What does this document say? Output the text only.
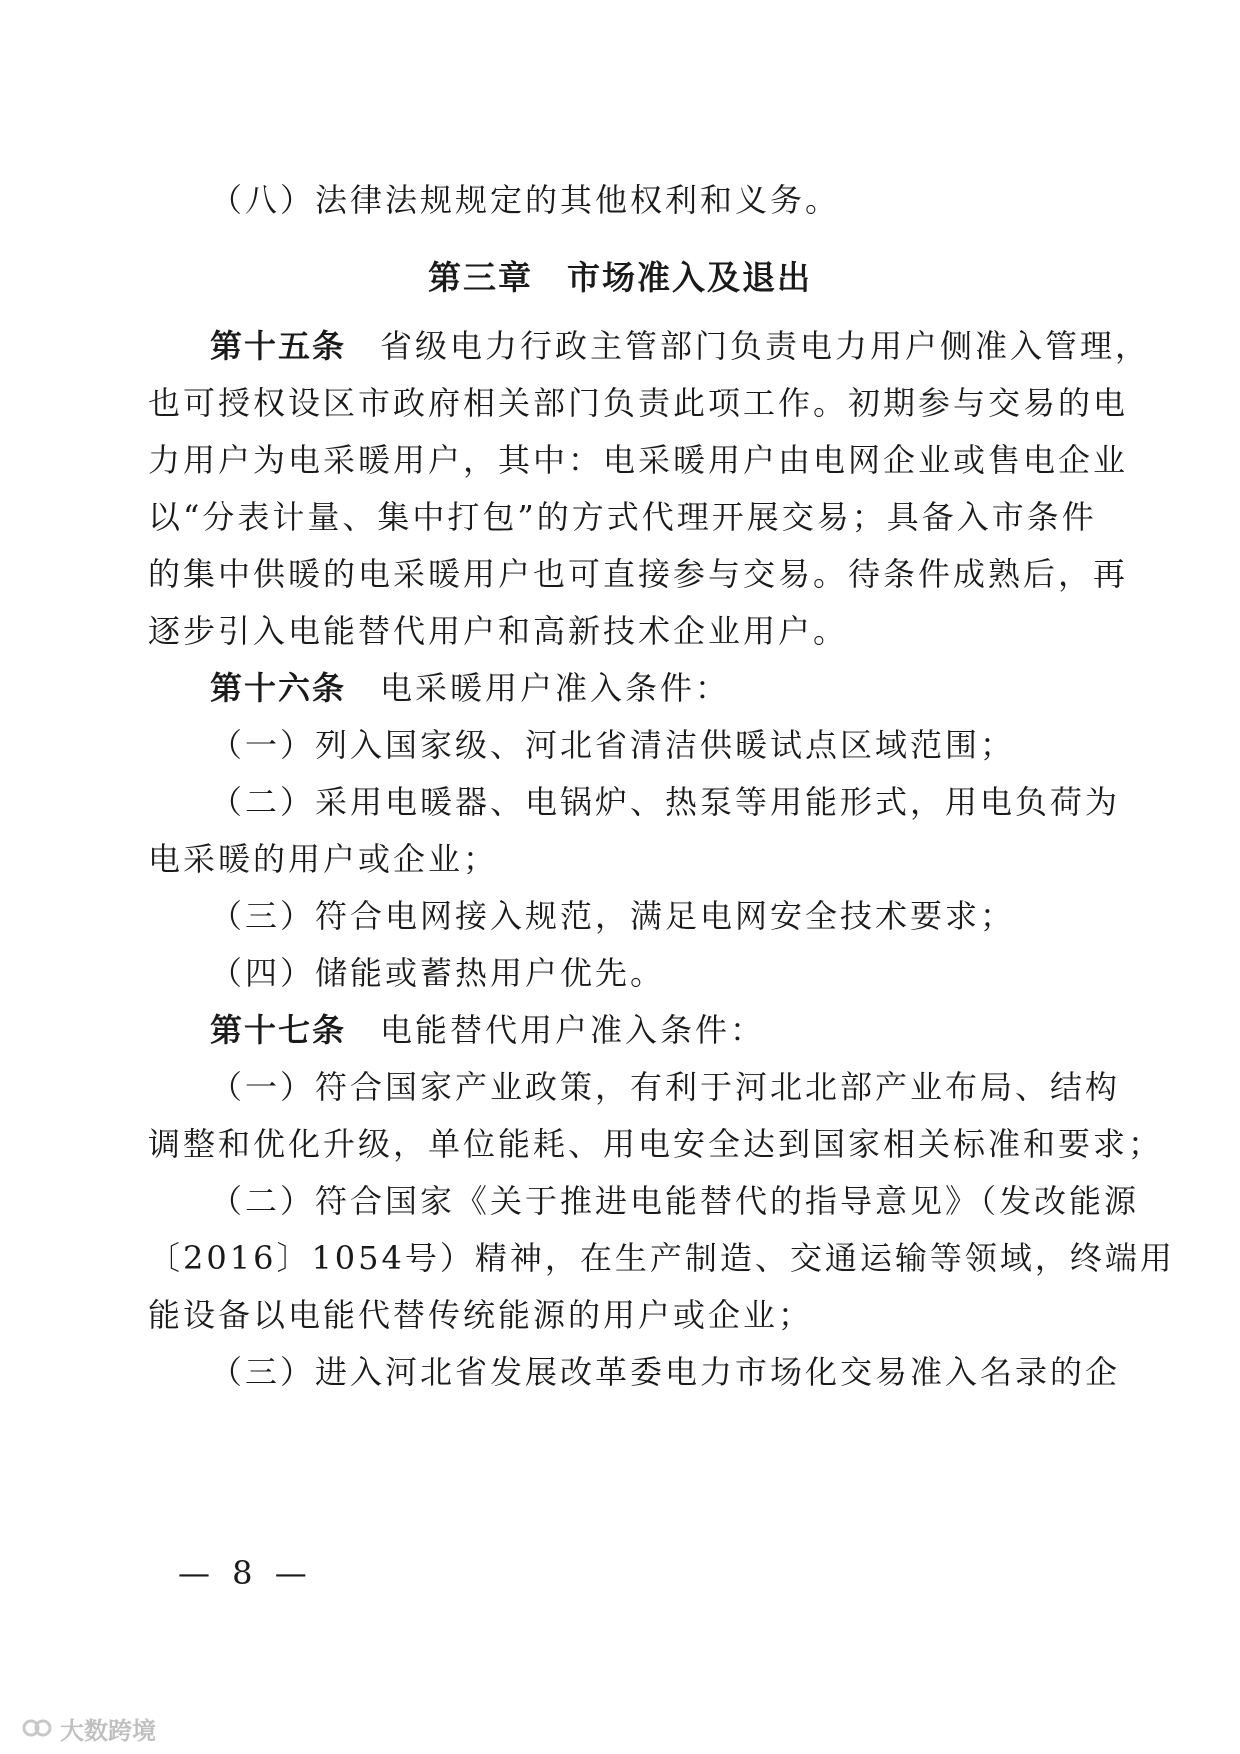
（八）法律法规规定的其他权利和义务。
第三章 市场准入及退出
第十五条 省级电力行政主管部门负责电力用户侧准入管理，
也可授权设区市政府相关部门负责此项工作。初期参与交易的电
力用户为电采暖用户，其中：电采暖用户由电网企业或售电企业
以“分表计量、集中打包”的方式代理开展交易；具备入市条件
的集中供暖的电采暖用户也可直接参与交易。待条件成熟后，再
逐步引入电能替代用户和高新技术企业用户。
第十六条 电采暖用户准入条件：
（一）列入国家级、河北省清洁供暖试点区域范围；
（二）采用电暖器、电锅炉、热泵等用能形式，用电负荷为
电采暖的用户或企业；
（三）符合电网接入规范，满足电网安全技术要求；
（四）储能或蓄热用户优先。
第十七条 电能替代用户准入条件：
（一）符合国家产业政策，有利于河北北部产业布局、结构
调整和优化升级，单位能耗、用电安全达到国家相关标准和要求；
（二）符合国家《关于推进电能替代的指导意见》（发改能源
〔2016〕1054号）精神，在生产制造、交通运输等领域，终端用
能设备以电能代替传统能源的用户或企业；
（三）进入河北省发展改革委电力市场化交易准入名录的企
— 8 —
大数跨境
